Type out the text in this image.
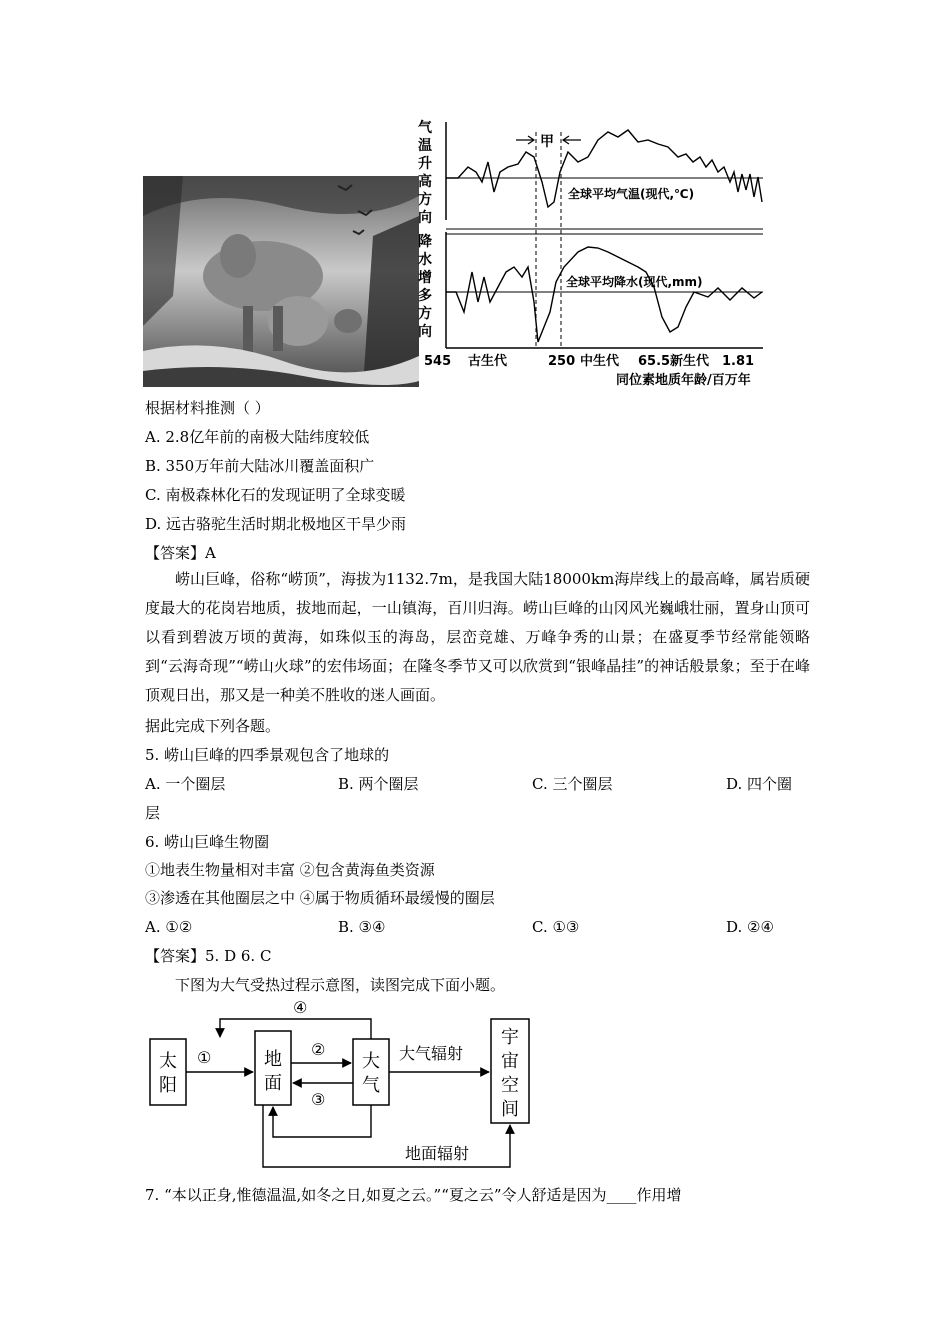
气
温
升
高
方
向
降
水
增
多
方
向
甲
全球平均气温(现代,℃)
全球平均降水(现代,mm)
545 古生代	250 中生代 65.5 新生代 1.81
同位素地质年龄/百万年
根据材料推测（ ）
A. 2.8亿年前的南极大陆纬度较低
B. 350万年前大陆冰川覆盖面积广
C. 南极森林化石的发现证明了全球变暖
D. 远古骆驼生活时期北极地区干旱少雨
【答案】A
崂山巨峰，俗称“崂顶”，海拔为1132.7m，是我国大陆18000km海岸线上的最高峰，属岩质硬度最大的花岗岩地质，拔地而起，一山镇海，百川归海。崂山巨峰的山冈风光巍峨壮丽，置身山顶可以看到碧波万顷的黄海，如珠似玉的海岛，层峦竞雄、万峰争秀的山景；在盛夏季节经常能领略到“云海奇现”“崂山火球”的宏伟场面；在隆冬季节又可以欣赏到“银峰晶挂”的神话般景象；至于在峰顶观日出，那又是一种美不胜收的迷人画面。
据此完成下列各题。
5. 崂山巨峰的四季景观包含了地球的
A. 一个圈层	B. 两个圈层	C. 三个圈层	D. 四个圈
层
6. 崂山巨峰生物圈
①地表生物量相对丰富 ②包含黄海鱼类资源
③渗透在其他圈层之中 ④属于物质循环最缓慢的圈层
A. ①②	B. ③④	C. ①③	D. ②④
【答案】5. D 6. C
下图为大气受热过程示意图，读图完成下面小题。
太
阳
地
面
大
气
宇
宙
空
间
①	②
③
④
大气辐射
地面辐射
7. “本以正身,惟德温温,如冬之日,如夏之云。”“夏之云”令人舒适是因为____作用增
